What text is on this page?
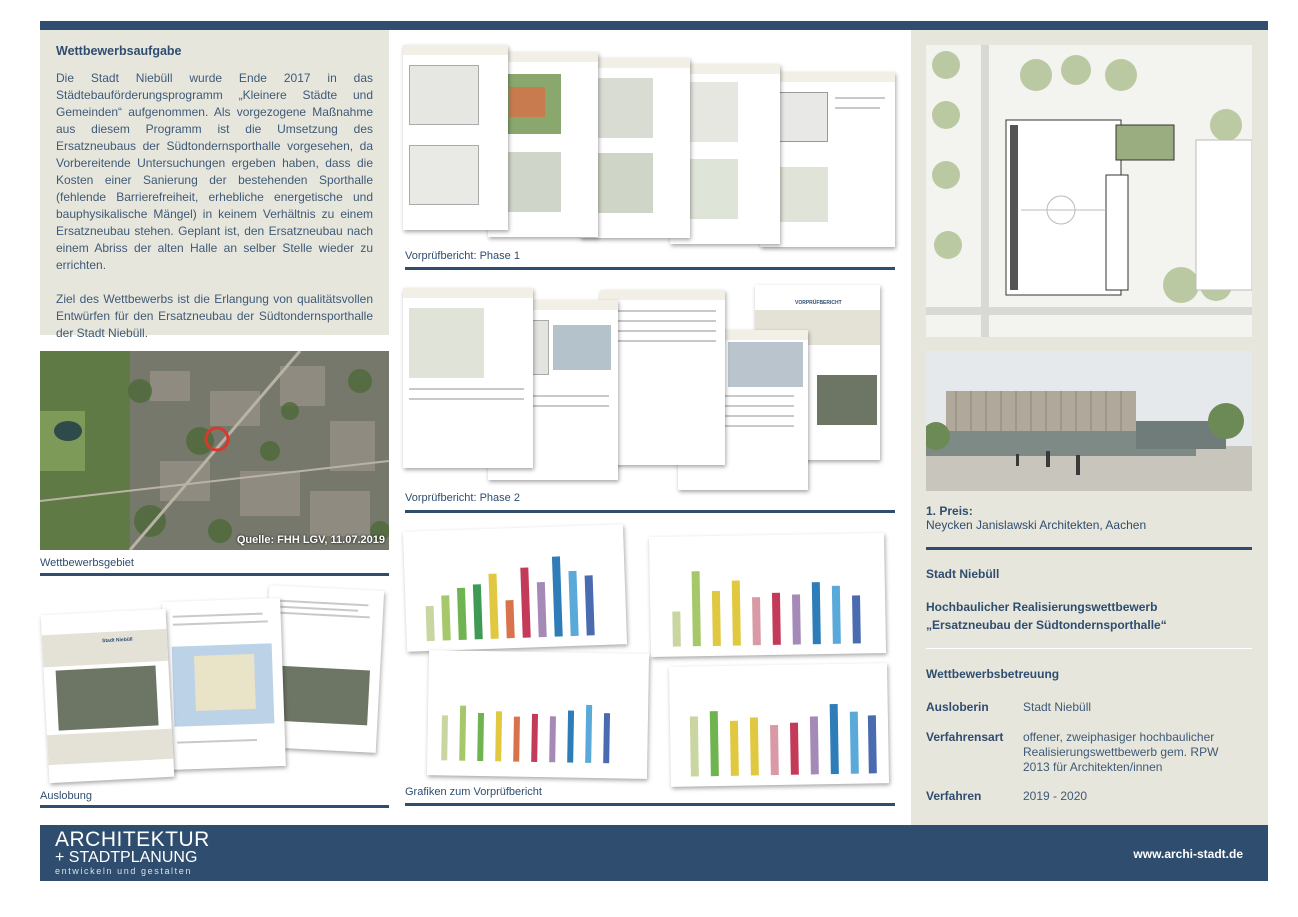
Wettbewerbsaufgabe

Die Stadt Niebüll wurde Ende 2017 in das Städtebauförderungsprogramm „Kleinere Städte und Gemeinden“ aufgenommen. Als vorgezogene Maßnahme aus diesem Programm ist die Umsetzung des Ersatzneubaus der Südtondernsporthalle vorgesehen, da Vorbereitende Untersuchungen ergeben haben, dass die Kosten einer Sanierung der bestehenden Sporthalle (fehlende Barrierefreiheit, erhebliche energetische und bauphysikalische Mängel) in keinem Verhältnis zu einem Ersatzneubau stehen. Geplant ist, den Ersatzneubau nach einem Abriss der alten Halle an selber Stelle wieder zu errichten.

Ziel des Wettbewerbs ist die Erlangung von qualitätsvollen Entwürfen für den Ersatzneubau der Südtondernsporthalle der Stadt Niebüll.

Quelle: FHH LGV, 11.07.2019
Wettbewerbsgebiet
Stadt Niebüll
Auslobung
Vorprüfbericht: Phase 1
VORPRÜFBERICHT
Vorprüfbericht: Phase 2
Grafiken zum Vorprüfbericht
1. Preis:
Neycken Janislawski Architekten, Aachen
Stadt Niebüll
Hochbaulicher Realisierungswettbewerb
„Ersatzneubau der Südtondernsporthalle“
Wettbewerbsbetreuung
Ausloberin	Stadt Niebüll
Verfahrensart offener, zweiphasiger hochbaulicher Realisierungswettbewerb gem. RPW 2013 für Architekten/innen
Verfahren	2019 - 2020
ARCHITEKTUR
+ STADTPLANUNG
entwickeln und gestalten
www.archi-stadt.de
